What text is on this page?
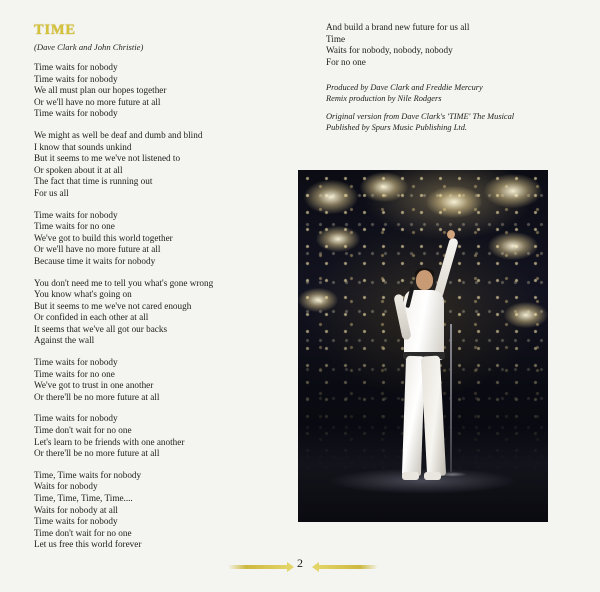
TIME
(Dave Clark and John Christie)
Time waits for nobody
Time waits for nobody
We all must plan our hopes together
Or we'll have no more future at all
Time waits for nobody
We might as well be deaf and dumb and blind
I know that sounds unkind
But it seems to me we've not listened to
Or spoken about it at all
The fact that time is running out
For us all
Time waits for nobody
Time waits for no one
We've got to build this world together
Or we'll have no more future at all
Because time it waits for nobody
You don't need me to tell you what's gone wrong
You know what's going on
But it seems to me we've not cared enough
Or confided in each other at all
It seems that we've all got our backs
Against the wall
Time waits for nobody
Time waits for no one
We've got to trust in one another
Or there'll be no more future at all
Time waits for nobody
Time don't wait for no one
Let's learn to be friends with one another
Or there'll be no more future at all
Time, Time waits for nobody
Waits for nobody
Time, Time, Time, Time....
Waits for nobody at all
Time waits for nobody
Time don't wait for no one
Let us free this world forever
And build a brand new future for us all
Time
Waits for nobody, nobody, nobody
For no one
Produced by Dave Clark and Freddie Mercury
Remix production by Nile Rodgers
Original version from Dave Clark's 'TIME' The Musical
Published by Spurs Music Publishing Ltd.
2
